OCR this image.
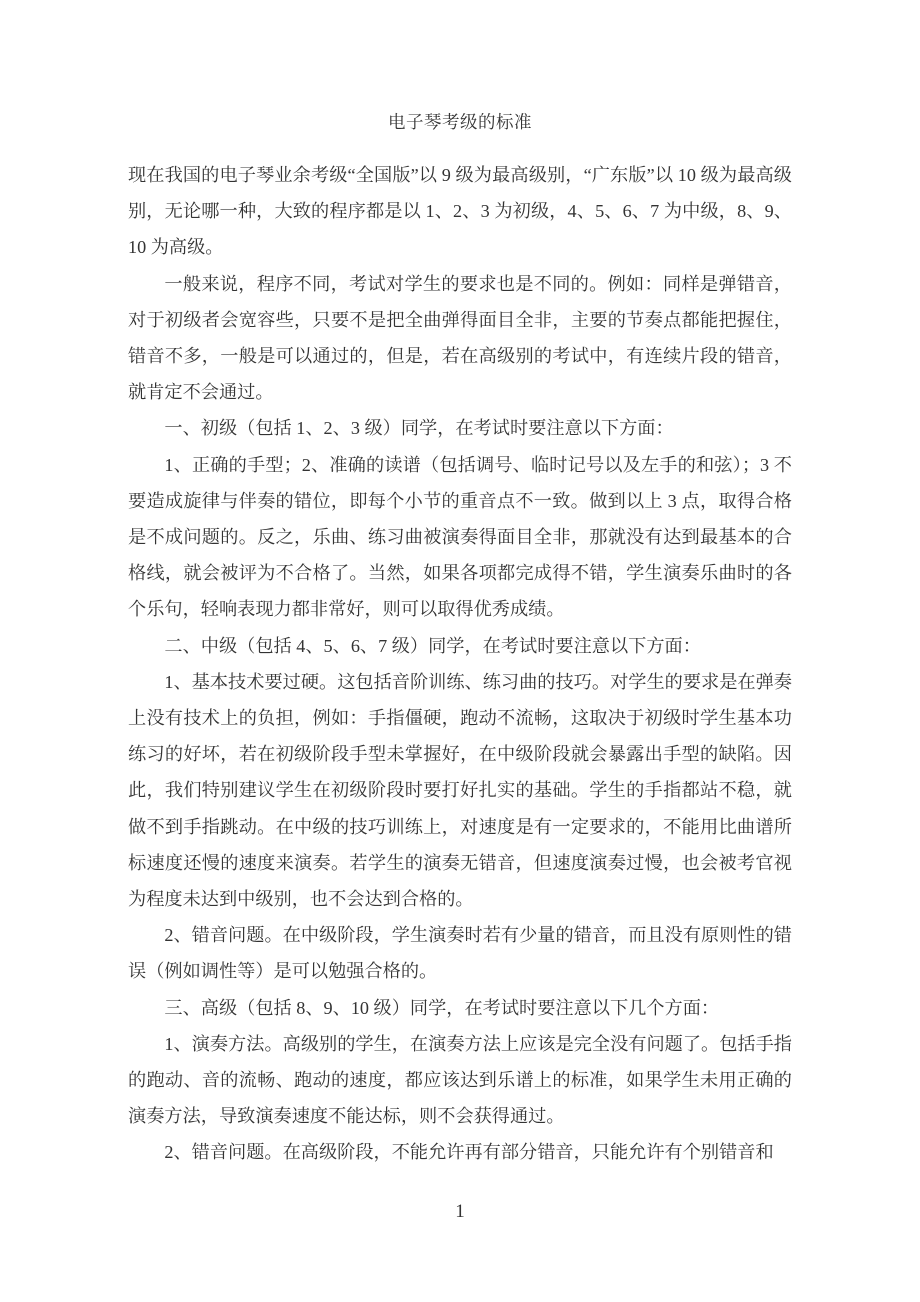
电子琴考级的标准

现在我国的电子琴业余考级“全国版”以 9 级为最高级别，“广东版”以 10 级为最高级别，无论哪一种，大致的程序都是以 1、2、3 为初级，4、5、6、7 为中级，8、9、10 为高级。

一般来说，程序不同，考试对学生的要求也是不同的。例如：同样是弹错音，对于初级者会宽容些，只要不是把全曲弹得面目全非，主要的节奏点都能把握住，错音不多，一般是可以通过的，但是，若在高级别的考试中，有连续片段的错音，就肯定不会通过。

一、初级（包括 1、2、3 级）同学，在考试时要注意以下方面：

1、正确的手型；2、准确的读谱（包括调号、临时记号以及左手的和弦）；3 不要造成旋律与伴奏的错位，即每个小节的重音点不一致。做到以上 3 点，取得合格是不成问题的。反之，乐曲、练习曲被演奏得面目全非，那就没有达到最基本的合格线，就会被评为不合格了。当然，如果各项都完成得不错，学生演奏乐曲时的各个乐句，轻响表现力都非常好，则可以取得优秀成绩。

二、中级（包括 4、5、6、7 级）同学，在考试时要注意以下方面：

1、基本技术要过硬。这包括音阶训练、练习曲的技巧。对学生的要求是在弹奏上没有技术上的负担，例如：手指僵硬，跑动不流畅，这取决于初级时学生基本功练习的好坏，若在初级阶段手型未掌握好，在中级阶段就会暴露出手型的缺陷。因此，我们特别建议学生在初级阶段时要打好扎实的基础。学生的手指都站不稳，就做不到手指跳动。在中级的技巧训练上，对速度是有一定要求的，不能用比曲谱所标速度还慢的速度来演奏。若学生的演奏无错音，但速度演奏过慢，也会被考官视为程度未达到中级别，也不会达到合格的。

2、错音问题。在中级阶段，学生演奏时若有少量的错音，而且没有原则性的错误（例如调性等）是可以勉强合格的。

三、高级（包括 8、9、10 级）同学，在考试时要注意以下几个方面：

1、演奏方法。高级别的学生，在演奏方法上应该是完全没有问题了。包括手指的跑动、音的流畅、跑动的速度，都应该达到乐谱上的标准，如果学生未用正确的演奏方法，导致演奏速度不能达标，则不会获得通过。

2、错音问题。在高级阶段，不能允许再有部分错音，只能允许有个别错音和

1
